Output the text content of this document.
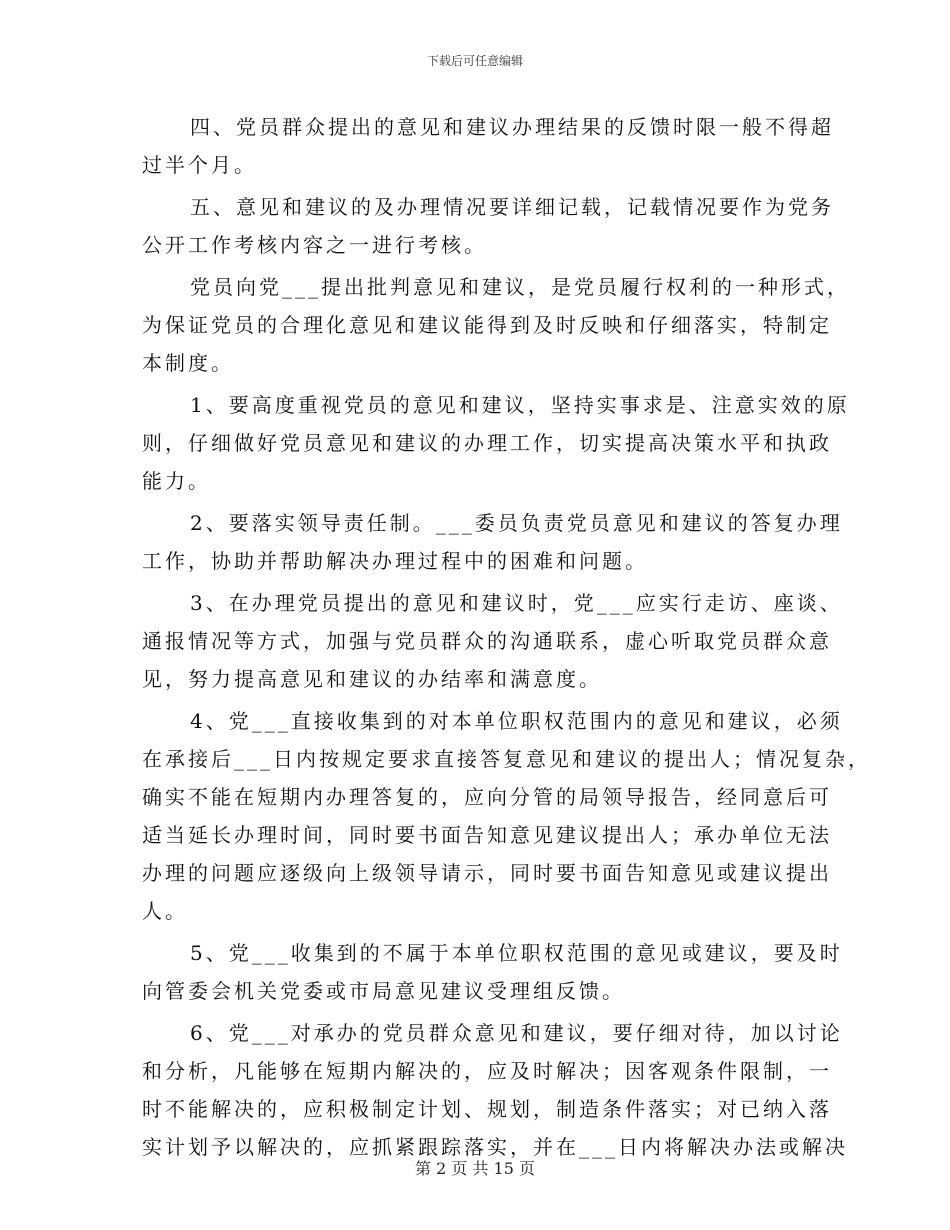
下载后可任意编辑
四、党员群众提出的意见和建议办理结果的反馈时限一般不得超
过半个月。
五、意见和建议的及办理情况要详细记载，记载情况要作为党务
公开工作考核内容之一进行考核。
党员向党___提出批判意见和建议，是党员履行权利的一种形式，
为保证党员的合理化意见和建议能得到及时反映和仔细落实，特制定
本制度。
1、要高度重视党员的意见和建议，坚持实事求是、注意实效的原
则，仔细做好党员意见和建议的办理工作，切实提高决策水平和执政
能力。
2、要落实领导责任制。___委员负责党员意见和建议的答复办理
工作，协助并帮助解决办理过程中的困难和问题。
3、在办理党员提出的意见和建议时，党___应实行走访、座谈、
通报情况等方式，加强与党员群众的沟通联系，虚心听取党员群众意
见，努力提高意见和建议的办结率和满意度。
4、党___直接收集到的对本单位职权范围内的意见和建议，必须
在承接后___日内按规定要求直接答复意见和建议的提出人；情况复杂，
确实不能在短期内办理答复的，应向分管的局领导报告，经同意后可
适当延长办理时间，同时要书面告知意见建议提出人；承办单位无法
办理的问题应逐级向上级领导请示，同时要书面告知意见或建议提出
人。
5、党___收集到的不属于本单位职权范围的意见或建议，要及时
向管委会机关党委或市局意见建议受理组反馈。
6、党___对承办的党员群众意见和建议，要仔细对待，加以讨论
和分析，凡能够在短期内解决的，应及时解决；因客观条件限制，一
时不能解决的，应积极制定计划、规划，制造条件落实；对已纳入落
实计划予以解决的，应抓紧跟踪落实，并在___日内将解决办法或解决
第 2 页 共 15 页
